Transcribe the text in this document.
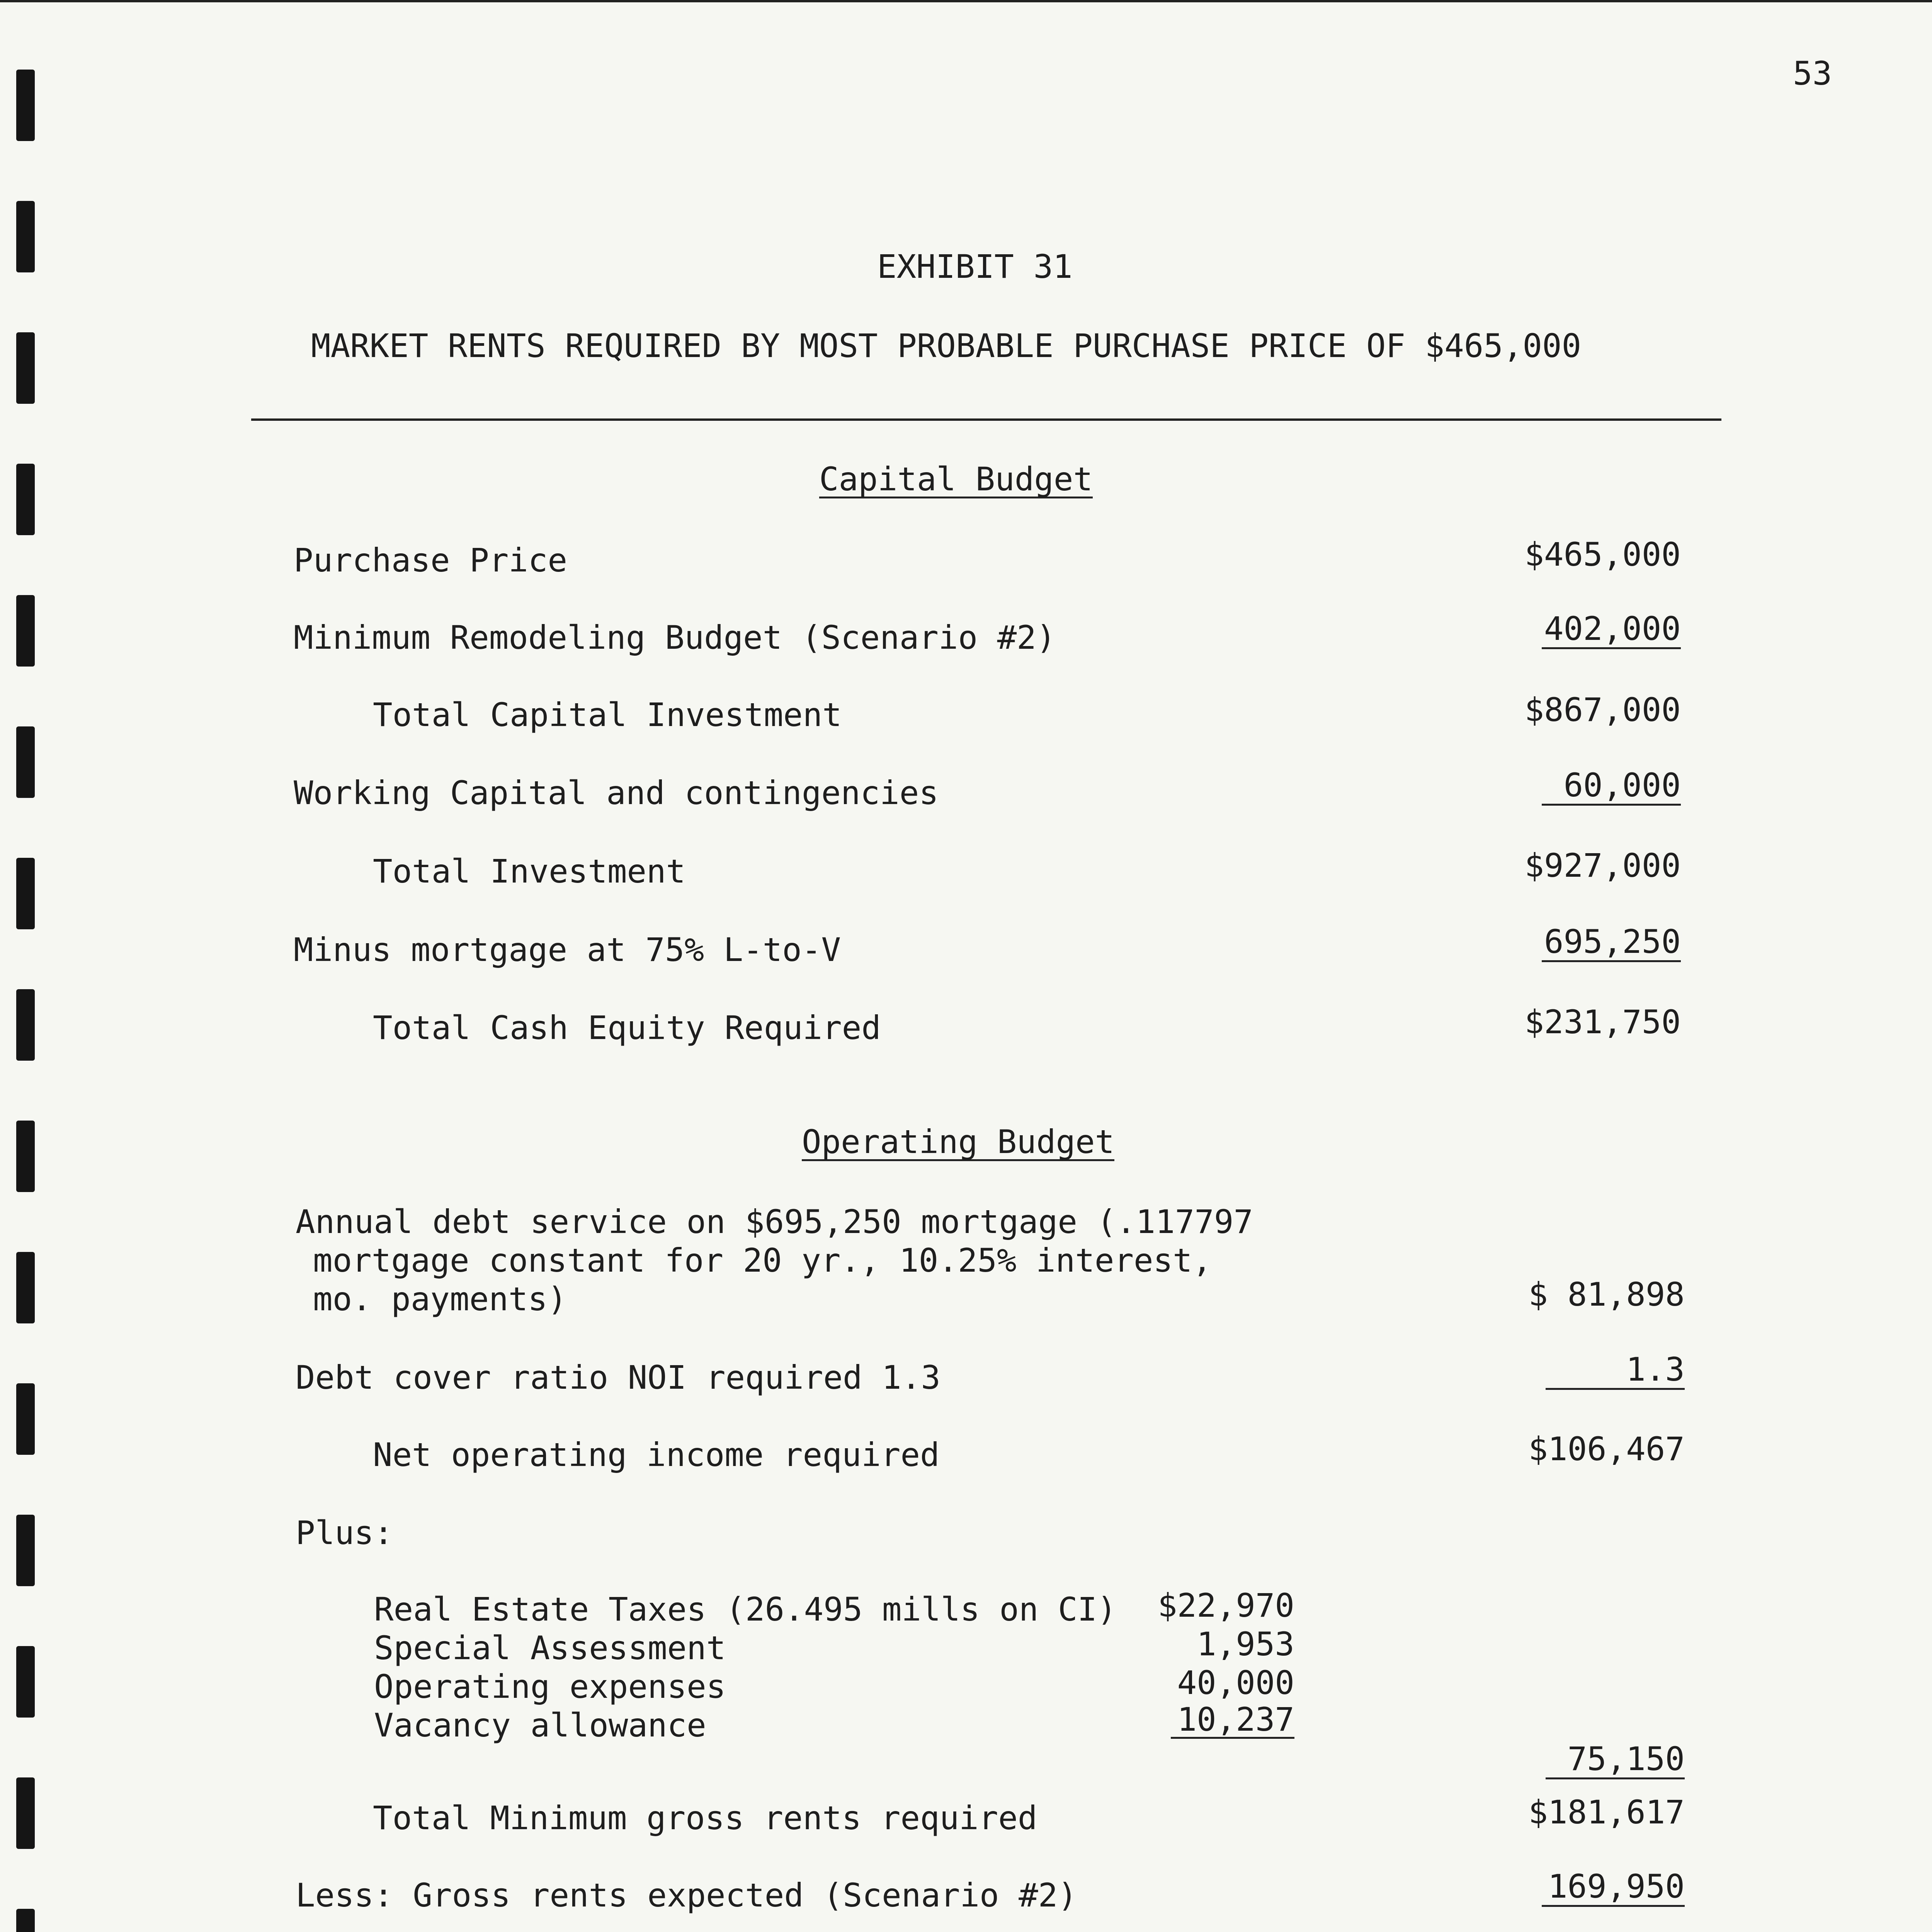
53
EXHIBIT 31
MARKET RENTS REQUIRED BY MOST PROBABLE PURCHASE PRICE OF $465,000
Capital Budget
Purchase Price	$465,000
Minimum Remodeling Budget (Scenario #2)	402,000
Total Capital Investment	$867,000
Working Capital and contingencies	60,000
Total Investment	$927,000
Minus mortgage at 75% L-to-V	695,250
Total Cash Equity Required	$231,750
Operating Budget
Annual debt service on $695,250 mortgage (.117797
mortgage constant for 20 yr., 10.25% interest,
mo. payments)	$ 81,898
Debt cover ratio NOI required 1.3	1.3
Net operating income required	$106,467
Plus:
Real Estate Taxes (26.495 mills on CI)	$22,970
Special Assessment	1,953
Operating expenses	40,000
Vacancy allowance	10,237
75,150
Total Minimum gross rents required	$181,617
Less: Gross rents expected (Scenario #2)	169,950
